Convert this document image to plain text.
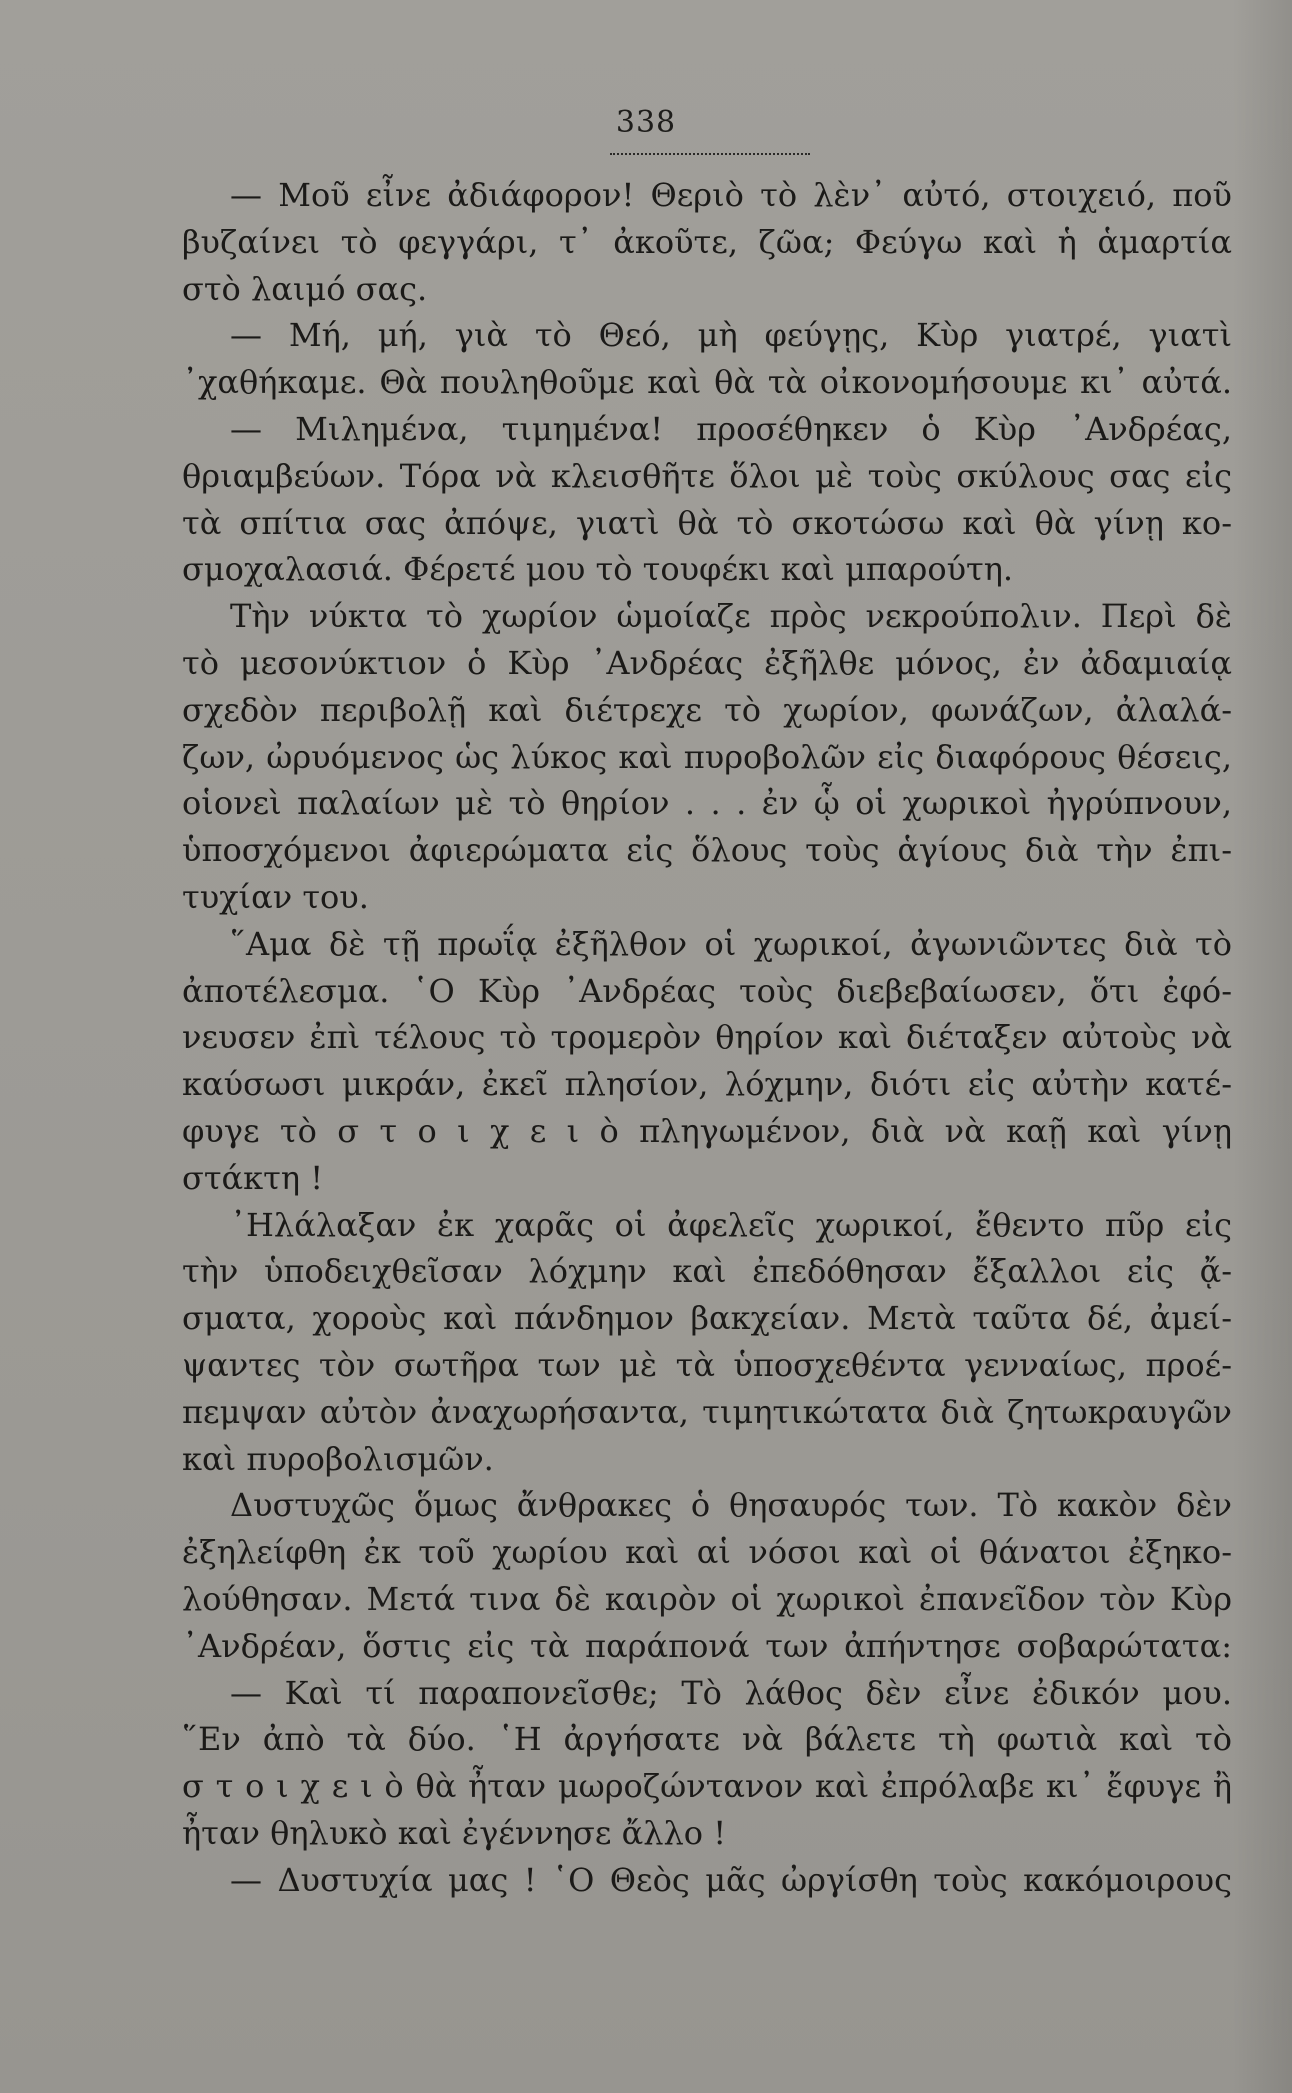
338
— Μοῦ εἶνε ἀδιάφορον! Θεριὸ τὸ λὲν᾽ αὐτό, στοιχειό, ποῦ
βυζαίνει τὸ φεγγάρι, τ᾽ ἀκοῦτε, ζῶα; Φεύγω καὶ ἡ ἁμαρτία
στὸ λαιμό σας.
— Μή, μή, γιὰ τὸ Θεό, μὴ φεύγῃς, Κὺρ γιατρέ, γιατὶ
᾽χαθήκαμε. Θὰ πουληθοῦμε καὶ θὰ τὰ οἰκονομήσουμε κι᾽ αὐτά.
— Μιλημένα, τιμημένα! προσέθηκεν ὁ Κὺρ ᾽Ανδρέας,
θριαμβεύων. Τόρα νὰ κλεισθῆτε ὅλοι μὲ τοὺς σκύλους σας εἰς
τὰ σπίτια σας ἀπόψε, γιατὶ θὰ τὸ σκοτώσω καὶ θὰ γίνῃ κο-
σμοχαλασιά. Φέρετέ μου τὸ τουφέκι καὶ μπαρούτη.
Τὴν νύκτα τὸ χωρίον ὡμοίαζε πρὸς νεκρούπολιν. Περὶ δὲ
τὸ μεσονύκτιον ὁ Κὺρ ᾽Ανδρέας ἐξῆλθε μόνος, ἐν ἀδαμιαίᾳ
σχεδὸν περιβολῇ καὶ διέτρεχε τὸ χωρίον, φωνάζων, ἀλαλά-
ζων, ὠρυόμενος ὡς λύκος καὶ πυροβολῶν εἰς διαφόρους θέσεις,
οἱονεὶ παλαίων μὲ τὸ θηρίον . . . ἐν ᾧ οἱ χωρικοὶ ἠγρύπνουν,
ὑποσχόμενοι ἀφιερώματα εἰς ὅλους τοὺς ἁγίους διὰ τὴν ἐπι-
τυχίαν του.
῞Αμα δὲ τῇ πρωΐᾳ ἐξῆλθον οἱ χωρικοί, ἀγωνιῶντες διὰ τὸ
ἀποτέλεσμα. ῾Ο Κὺρ ᾽Ανδρέας τοὺς διεβεβαίωσεν, ὅτι ἐφό-
νευσεν ἐπὶ τέλους τὸ τρομερὸν θηρίον καὶ διέταξεν αὐτοὺς νὰ
καύσωσι μικράν, ἐκεῖ πλησίον, λόχμην, διότι εἰς αὐτὴν κατέ-
φυγε τὸ σ τ ο ι χ ε ι ὸ πληγωμένον, διὰ νὰ καῇ καὶ γίνῃ
στάκτη !
᾽Ηλάλαξαν ἐκ χαρᾶς οἱ ἀφελεῖς χωρικοί, ἔθεντο πῦρ εἰς
τὴν ὑποδειχθεῖσαν λόχμην καὶ ἐπεδόθησαν ἔξαλλοι εἰς ᾄ-
σματα, χοροὺς καὶ πάνδημον βακχείαν. Μετὰ ταῦτα δέ, ἀμεί-
ψαντες τὸν σωτῆρα των μὲ τὰ ὑποσχεθέντα γενναίως, προέ-
πεμψαν αὐτὸν ἀναχωρήσαντα, τιμητικώτατα διὰ ζητωκραυγῶν
καὶ πυροβολισμῶν.
Δυστυχῶς ὅμως ἄνθρακες ὁ θησαυρός των. Τὸ κακὸν δὲν
ἐξηλείφθη ἐκ τοῦ χωρίου καὶ αἱ νόσοι καὶ οἱ θάνατοι ἐξηκο-
λούθησαν. Μετά τινα δὲ καιρὸν οἱ χωρικοὶ ἐπανεῖδον τὸν Κὺρ
᾽Ανδρέαν, ὅστις εἰς τὰ παράπονά των ἀπήντησε σοβαρώτατα:
— Καὶ τί παραπονεῖσθε; Τὸ λάθος δὲν εἶνε ἐδικόν μου.
῞Εν ἀπὸ τὰ δύο. ῾Η ἀργήσατε νὰ βάλετε τὴ φωτιὰ καὶ τὸ
σ τ ο ι χ ε ι ὸ θὰ ἦταν μωροζώντανον καὶ ἐπρόλαβε κι᾽ ἔφυγε ἢ
ἦταν θηλυκὸ καὶ ἐγέννησε ἄλλο !
— Δυστυχία μας ! ῾Ο Θεὸς μᾶς ὠργίσθη τοὺς κακόμοιρους
